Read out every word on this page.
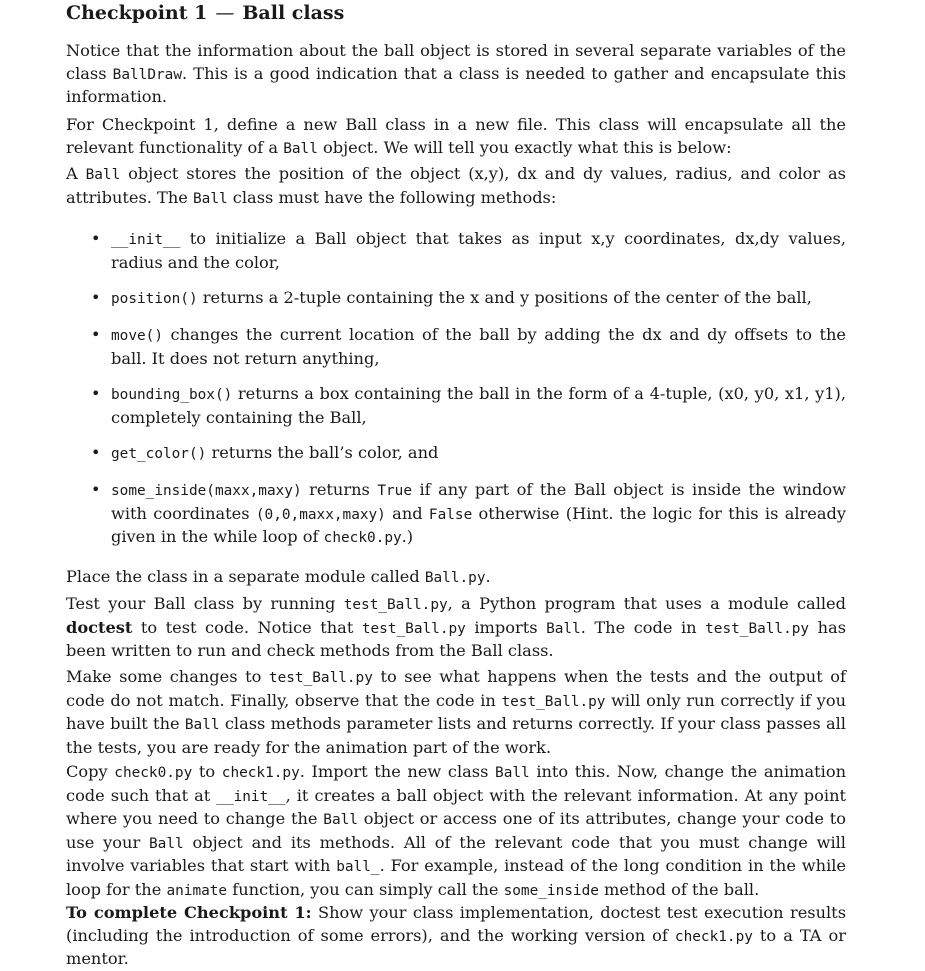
Checkpoint 1 — Ball class
Notice that the information about the ball object is stored in several separate variables of the class BallDraw. This is a good indication that a class is needed to gather and encapsulate this information.
For Checkpoint 1, define a new Ball class in a new file. This class will encapsulate all the relevant functionality of a Ball object. We will tell you exactly what this is below:
A Ball object stores the position of the object (x,y), dx and dy values, radius, and color as attributes. The Ball class must have the following methods:
• __init__ to initialize a Ball object that takes as input x,y coordinates, dx,dy values, radius and the color,
• position() returns a 2-tuple containing the x and y positions of the center of the ball,
• move() changes the current location of the ball by adding the dx and dy offsets to the ball. It does not return anything,
• bounding_box() returns a box containing the ball in the form of a 4-tuple, (x0, y0, x1, y1), completely containing the Ball,
• get_color() returns the ball’s color, and
• some_inside(maxx,maxy) returns True if any part of the Ball object is inside the window with coordinates (0,0,maxx,maxy) and False otherwise (Hint. the logic for this is already given in the while loop of check0.py.)
Place the class in a separate module called Ball.py.
Test your Ball class by running test_Ball.py, a Python program that uses a module called doctest to test code. Notice that test_Ball.py imports Ball. The code in test_Ball.py has been written to run and check methods from the Ball class.
Make some changes to test_Ball.py to see what happens when the tests and the output of code do not match. Finally, observe that the code in test_Ball.py will only run correctly if you have built the Ball class methods parameter lists and returns correctly. If your class passes all the tests, you are ready for the animation part of the work.
Copy check0.py to check1.py. Import the new class Ball into this. Now, change the animation code such that at __init__, it creates a ball object with the relevant information. At any point where you need to change the Ball object or access one of its attributes, change your code to use your Ball object and its methods. All of the relevant code that you must change will involve variables that start with ball_. For example, instead of the long condition in the while loop for the animate function, you can simply call the some_inside method of the ball.
To complete Checkpoint 1: Show your class implementation, doctest test execution results (including the introduction of some errors), and the working version of check1.py to a TA or mentor.
